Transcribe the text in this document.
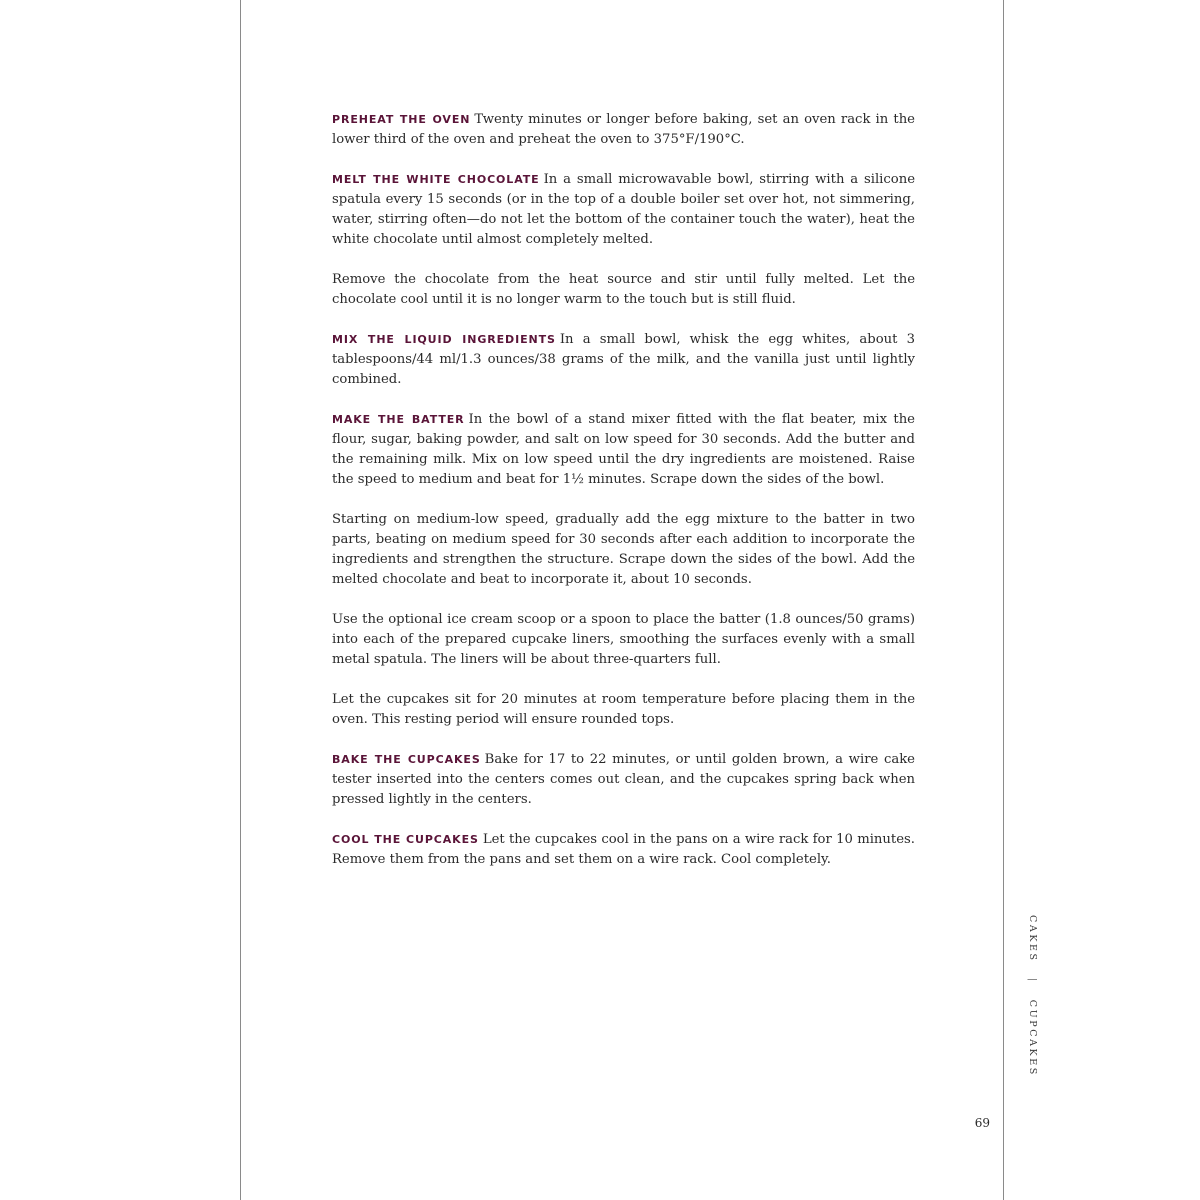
PREHEAT THE OVEN Twenty minutes or longer before baking, set an oven rack in the lower third of the oven and preheat the oven to 375°F/190°C.

MELT THE WHITE CHOCOLATE In a small microwavable bowl, stirring with a silicone spatula every 15 seconds (or in the top of a double boiler set over hot, not simmering, water, stirring often—do not let the bottom of the container touch the water), heat the white chocolate until almost completely melted.

Remove the chocolate from the heat source and stir until fully melted. Let the chocolate cool until it is no longer warm to the touch but is still fluid.

MIX THE LIQUID INGREDIENTS In a small bowl, whisk the egg whites, about 3 tablespoons/44 ml/1.3 ounces/38 grams of the milk, and the vanilla just until lightly combined.

MAKE THE BATTER In the bowl of a stand mixer fitted with the flat beater, mix the flour, sugar, baking powder, and salt on low speed for 30 seconds. Add the butter and the remaining milk. Mix on low speed until the dry ingredients are moistened. Raise the speed to medium and beat for 1½ minutes. Scrape down the sides of the bowl.

Starting on medium-low speed, gradually add the egg mixture to the batter in two parts, beating on medium speed for 30 seconds after each addition to incorporate the ingredients and strengthen the structure. Scrape down the sides of the bowl. Add the melted chocolate and beat to incorporate it, about 10 seconds.

Use the optional ice cream scoop or a spoon to place the batter (1.8 ounces/50 grams) into each of the prepared cupcake liners, smoothing the surfaces evenly with a small metal spatula. The liners will be about three-quarters full.

Let the cupcakes sit for 20 minutes at room temperature before placing them in the oven. This resting period will ensure rounded tops.

BAKE THE CUPCAKES Bake for 17 to 22 minutes, or until golden brown, a wire cake tester inserted into the centers comes out clean, and the cupcakes spring back when pressed lightly in the centers.

COOL THE CUPCAKES Let the cupcakes cool in the pans on a wire rack for 10 minutes. Remove them from the pans and set them on a wire rack. Cool completely.

CAKES | CUPCAKES
69
